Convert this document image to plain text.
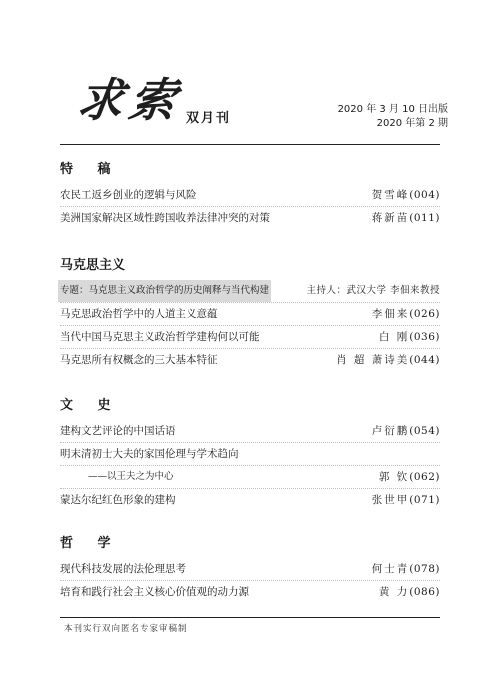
求索 双月刊
2020 年 3 月 10 日出版
2020 年第 2 期
特 稿
农民工返乡创业的逻辑与风险	贺雪峰(004)
美洲国家解决区域性跨国收养法律冲突的对策	蒋新苗(011)
马克思主义
专题：马克思主义政治哲学的历史阐释与当代构建	主持人：武汉大学 李佃来教授
马克思政治哲学中的人道主义意蕴	李佃来(026)
当代中国马克思主义政治哲学建构何以可能	白 刚(036)
马克思所有权概念的三大基本特征	肖 超 萧诗美(044)
文 史
建构文艺评论的中国话语	卢衍鹏(054)
明末清初士大夫的家国伦理与学术趋向
——以王夫之为中心	郭 钦(062)
蒙达尔纪红色形象的建构	张世甲(071)
哲 学
现代科技发展的法伦理思考	何士青(078)
培育和践行社会主义核心价值观的动力源	黄 力(086)
本刊实行双向匿名专家审稿制
